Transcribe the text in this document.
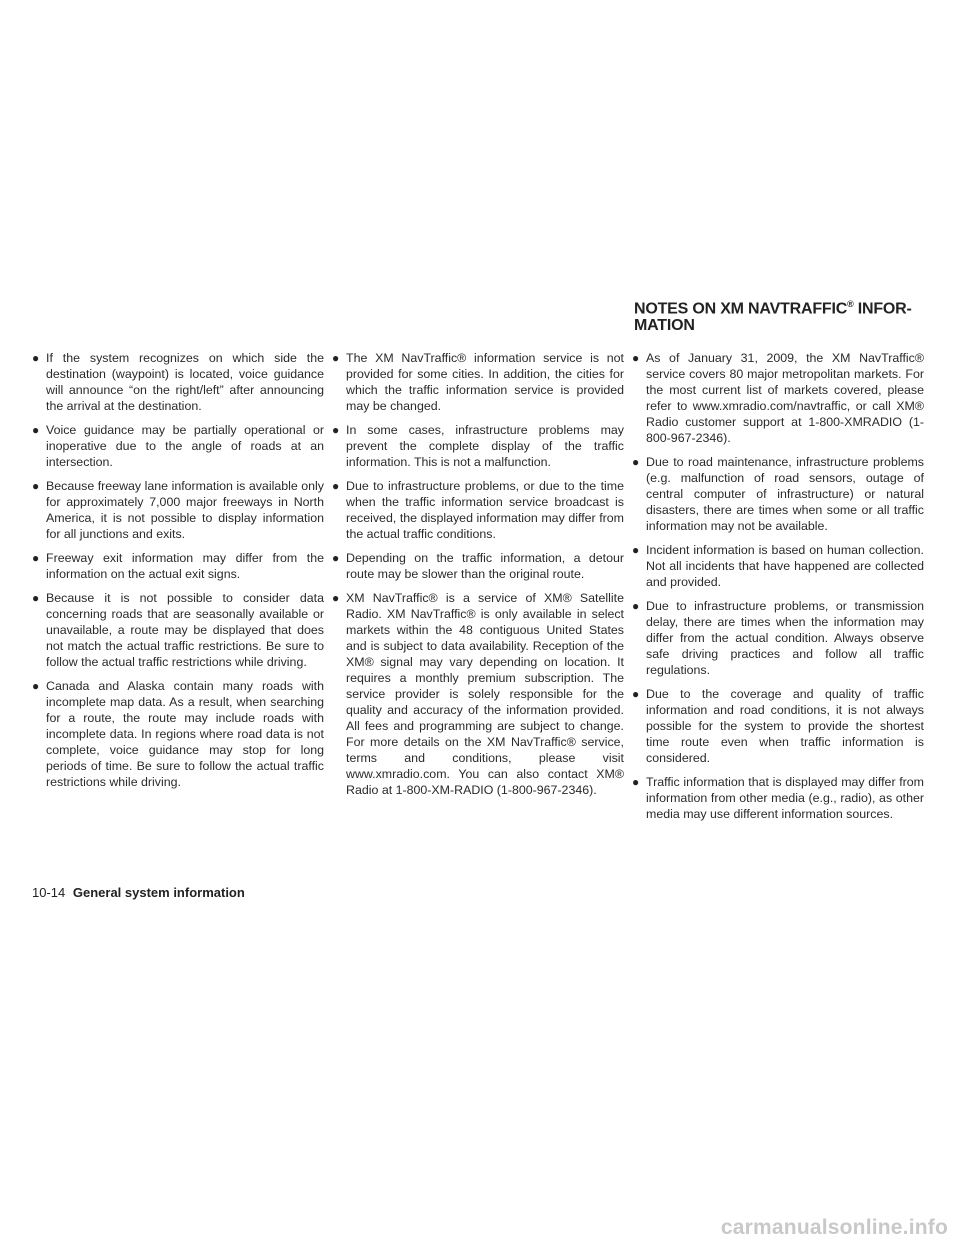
NOTES ON XM NAVTRAFFIC® INFOR-
MATION

● If the system recognizes on which side the destination (waypoint) is located, voice guidance will announce “on the right/left” after announcing the arrival at the destination.

● Voice guidance may be partially operational or inoperative due to the angle of roads at an intersection.

● Because freeway lane information is available only for approximately 7,000 major freeways in North America, it is not possible to display information for all junctions and exits.

● Freeway exit information may differ from the information on the actual exit signs.

● Because it is not possible to consider data concerning roads that are seasonally available or unavailable, a route may be displayed that does not match the actual traffic restrictions. Be sure to follow the actual traffic restrictions while driving.

● Canada and Alaska contain many roads with incomplete map data. As a result, when searching for a route, the route may include roads with incomplete data. In regions where road data is not complete, voice guidance may stop for long periods of time. Be sure to follow the actual traffic restrictions while driving.

● The XM NavTraffic® information service is not provided for some cities. In addition, the cities for which the traffic information service is provided may be changed.

● In some cases, infrastructure problems may prevent the complete display of the traffic information. This is not a malfunction.

● Due to infrastructure problems, or due to the time when the traffic information service broadcast is received, the displayed information may differ from the actual traffic conditions.

● Depending on the traffic information, a detour route may be slower than the original route.

● XM NavTraffic® is a service of XM® Satellite Radio. XM NavTraffic® is only available in select markets within the 48 contiguous United States and is subject to data availability. Reception of the XM® signal may vary depending on location. It requires a monthly premium subscription. The service provider is solely responsible for the quality and accuracy of the information provided. All fees and programming are subject to change. For more details on the XM NavTraffic® service, terms and conditions, please visit www.xmradio.com. You can also contact XM® Radio at 1-800-XM-RADIO (1-800-967-2346).

● As of January 31, 2009, the XM NavTraffic® service covers 80 major metropolitan markets. For the most current list of markets covered, please refer to www.xmradio.com/navtraffic, or call XM® Radio customer support at 1-800-XMRADIO (1-800-967-2346).

● Due to road maintenance, infrastructure problems (e.g. malfunction of road sensors, outage of central computer of infrastructure) or natural disasters, there are times when some or all traffic information may not be available.

● Incident information is based on human collection. Not all incidents that have happened are collected and provided.

● Due to infrastructure problems, or transmission delay, there are times when the information may differ from the actual condition. Always observe safe driving practices and follow all traffic regulations.

● Due to the coverage and quality of traffic information and road conditions, it is not always possible for the system to provide the shortest time route even when traffic information is considered.

● Traffic information that is displayed may differ from information from other media (e.g., radio), as other media may use different information sources.

10-14 General system information
carmanualsonline.info
